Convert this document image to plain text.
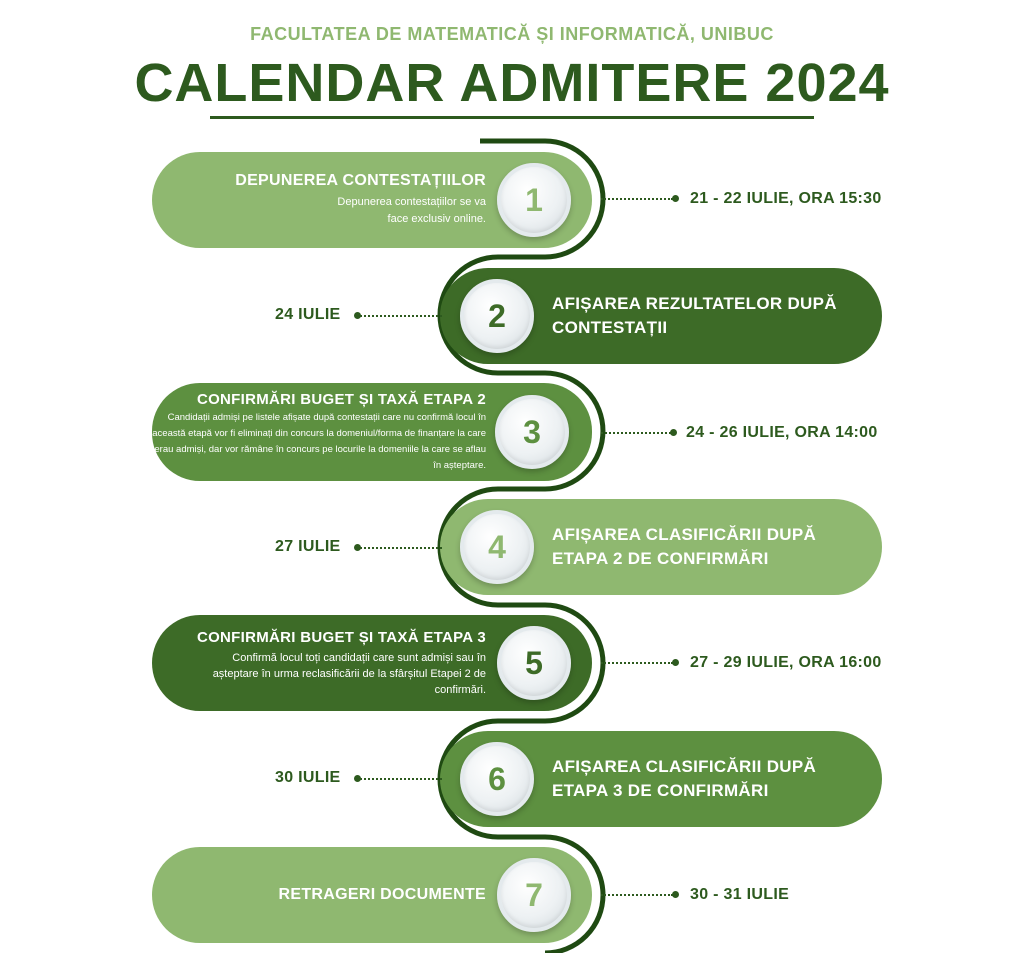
FACULTATEA DE MATEMATICĂ ȘI INFORMATICĂ, UNIBUC
CALENDAR ADMITERE 2024
DEPUNEREA CONTESTAȚIILOR
Depunerea contestațiilor se va face exclusiv online.
1	21 - 22 IULIE, ORA 15:30
AFIȘAREA REZULTATELOR DUPĂ CONTESTAȚII
2
24 IULIE
CONFIRMĂRI BUGET ȘI TAXĂ ETAPA 2
Candidații admiși pe listele afișate după contestații care nu confirmă locul în această etapă vor fi eliminați din concurs la domeniul/forma de finanțare la care erau admiși, dar vor rămâne în concurs pe locurile la domeniile la care se aflau în așteptare.
3	24 - 26 IULIE, ORA 14:00
AFIȘAREA CLASIFICĂRII DUPĂ ETAPA 2 DE CONFIRMĂRI
4
27 IULIE
CONFIRMĂRI BUGET ȘI TAXĂ ETAPA 3
Confirmă locul toți candidații care sunt admiși sau în așteptare în urma reclasificării de la sfârșitul Etapei 2 de confirmări.
5	27 - 29 IULIE, ORA 16:00
AFIȘAREA CLASIFICĂRII DUPĂ ETAPA 3 DE CONFIRMĂRI
6
30 IULIE
RETRAGERI DOCUMENTE	7	30 - 31 IULIE
